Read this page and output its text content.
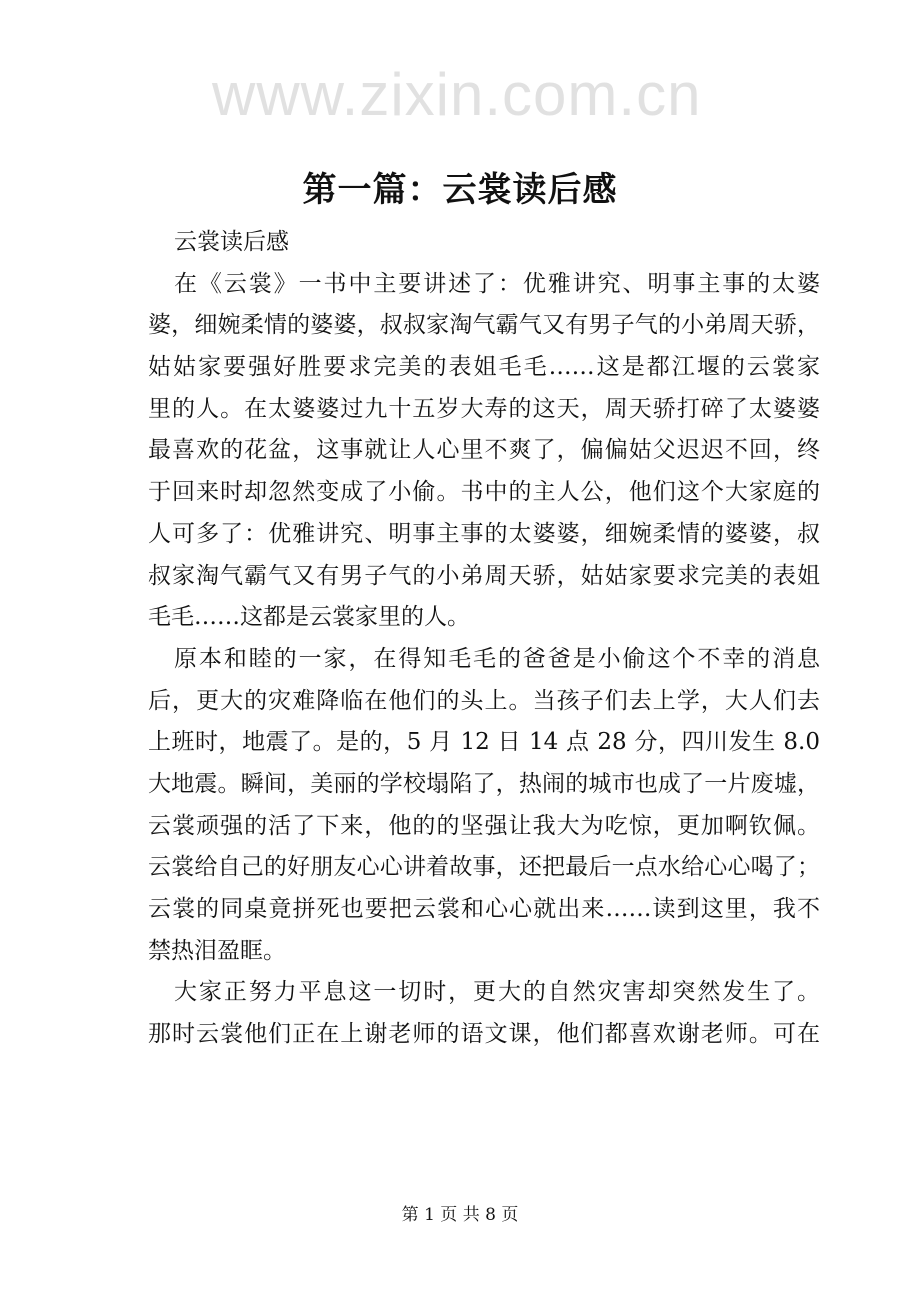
www.zixin.com.cn
第一篇：云裳读后感
云裳读后感
在《云裳》一书中主要讲述了：优雅讲究、明事主事的太婆
婆，细婉柔情的婆婆，叔叔家淘气霸气又有男子气的小弟周天骄，
姑姑家要强好胜要求完美的表姐毛毛……这是都江堰的云裳家
里的人。在太婆婆过九十五岁大寿的这天，周天骄打碎了太婆婆
最喜欢的花盆，这事就让人心里不爽了，偏偏姑父迟迟不回，终
于回来时却忽然变成了小偷。书中的主人公，他们这个大家庭的
人可多了：优雅讲究、明事主事的太婆婆，细婉柔情的婆婆，叔
叔家淘气霸气又有男子气的小弟周天骄，姑姑家要求完美的表姐
毛毛……这都是云裳家里的人。
原本和睦的一家，在得知毛毛的爸爸是小偷这个不幸的消息
后，更大的灾难降临在他们的头上。当孩子们去上学，大人们去
上班时，地震了。是的，5 月 12 日 14 点 28 分，四川发生 8.0
大地震。瞬间，美丽的学校塌陷了，热闹的城市也成了一片废墟，
云裳顽强的活了下来，他的的坚强让我大为吃惊，更加啊钦佩。
云裳给自己的好朋友心心讲着故事，还把最后一点水给心心喝了；
云裳的同桌竟拼死也要把云裳和心心就出来……读到这里，我不
禁热泪盈眶。
大家正努力平息这一切时，更大的自然灾害却突然发生了。
那时云裳他们正在上谢老师的语文课，他们都喜欢谢老师。可在
第 1 页 共 8 页
